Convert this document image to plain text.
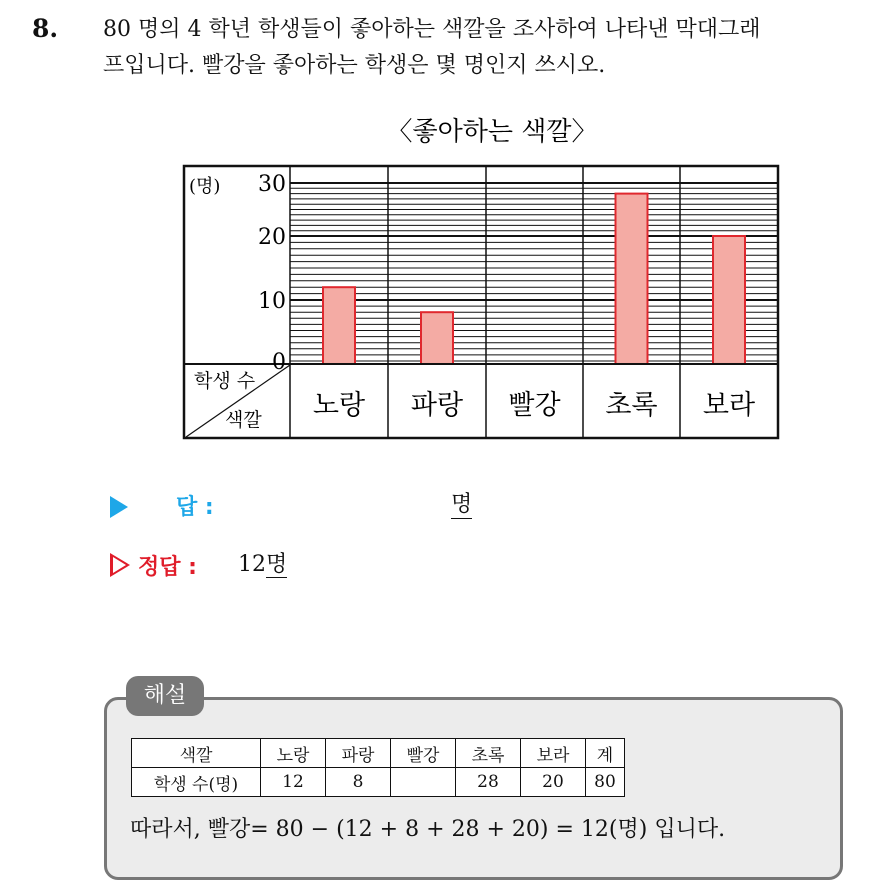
8. 80 명의 4 학년 학생들이 좋아하는 색깔을 조사하여 나타낸 막대그래
프입니다. 빨강을 좋아하는 학생은 몇 명인지 쓰시오.
〈좋아하는 색깔〉
(명)
0
10
20
30
학생 수
색깔 노랑 파랑 빨강 초록 보라
답 :	명
정답 : 12명
해설
색깔	노랑	파랑	빨강	초록	보라	계
학생 수(명)	12	8		28	20	80
따라서, 빨강= 80 − (12 + 8 + 28 + 20) = 12(명) 입니다.
